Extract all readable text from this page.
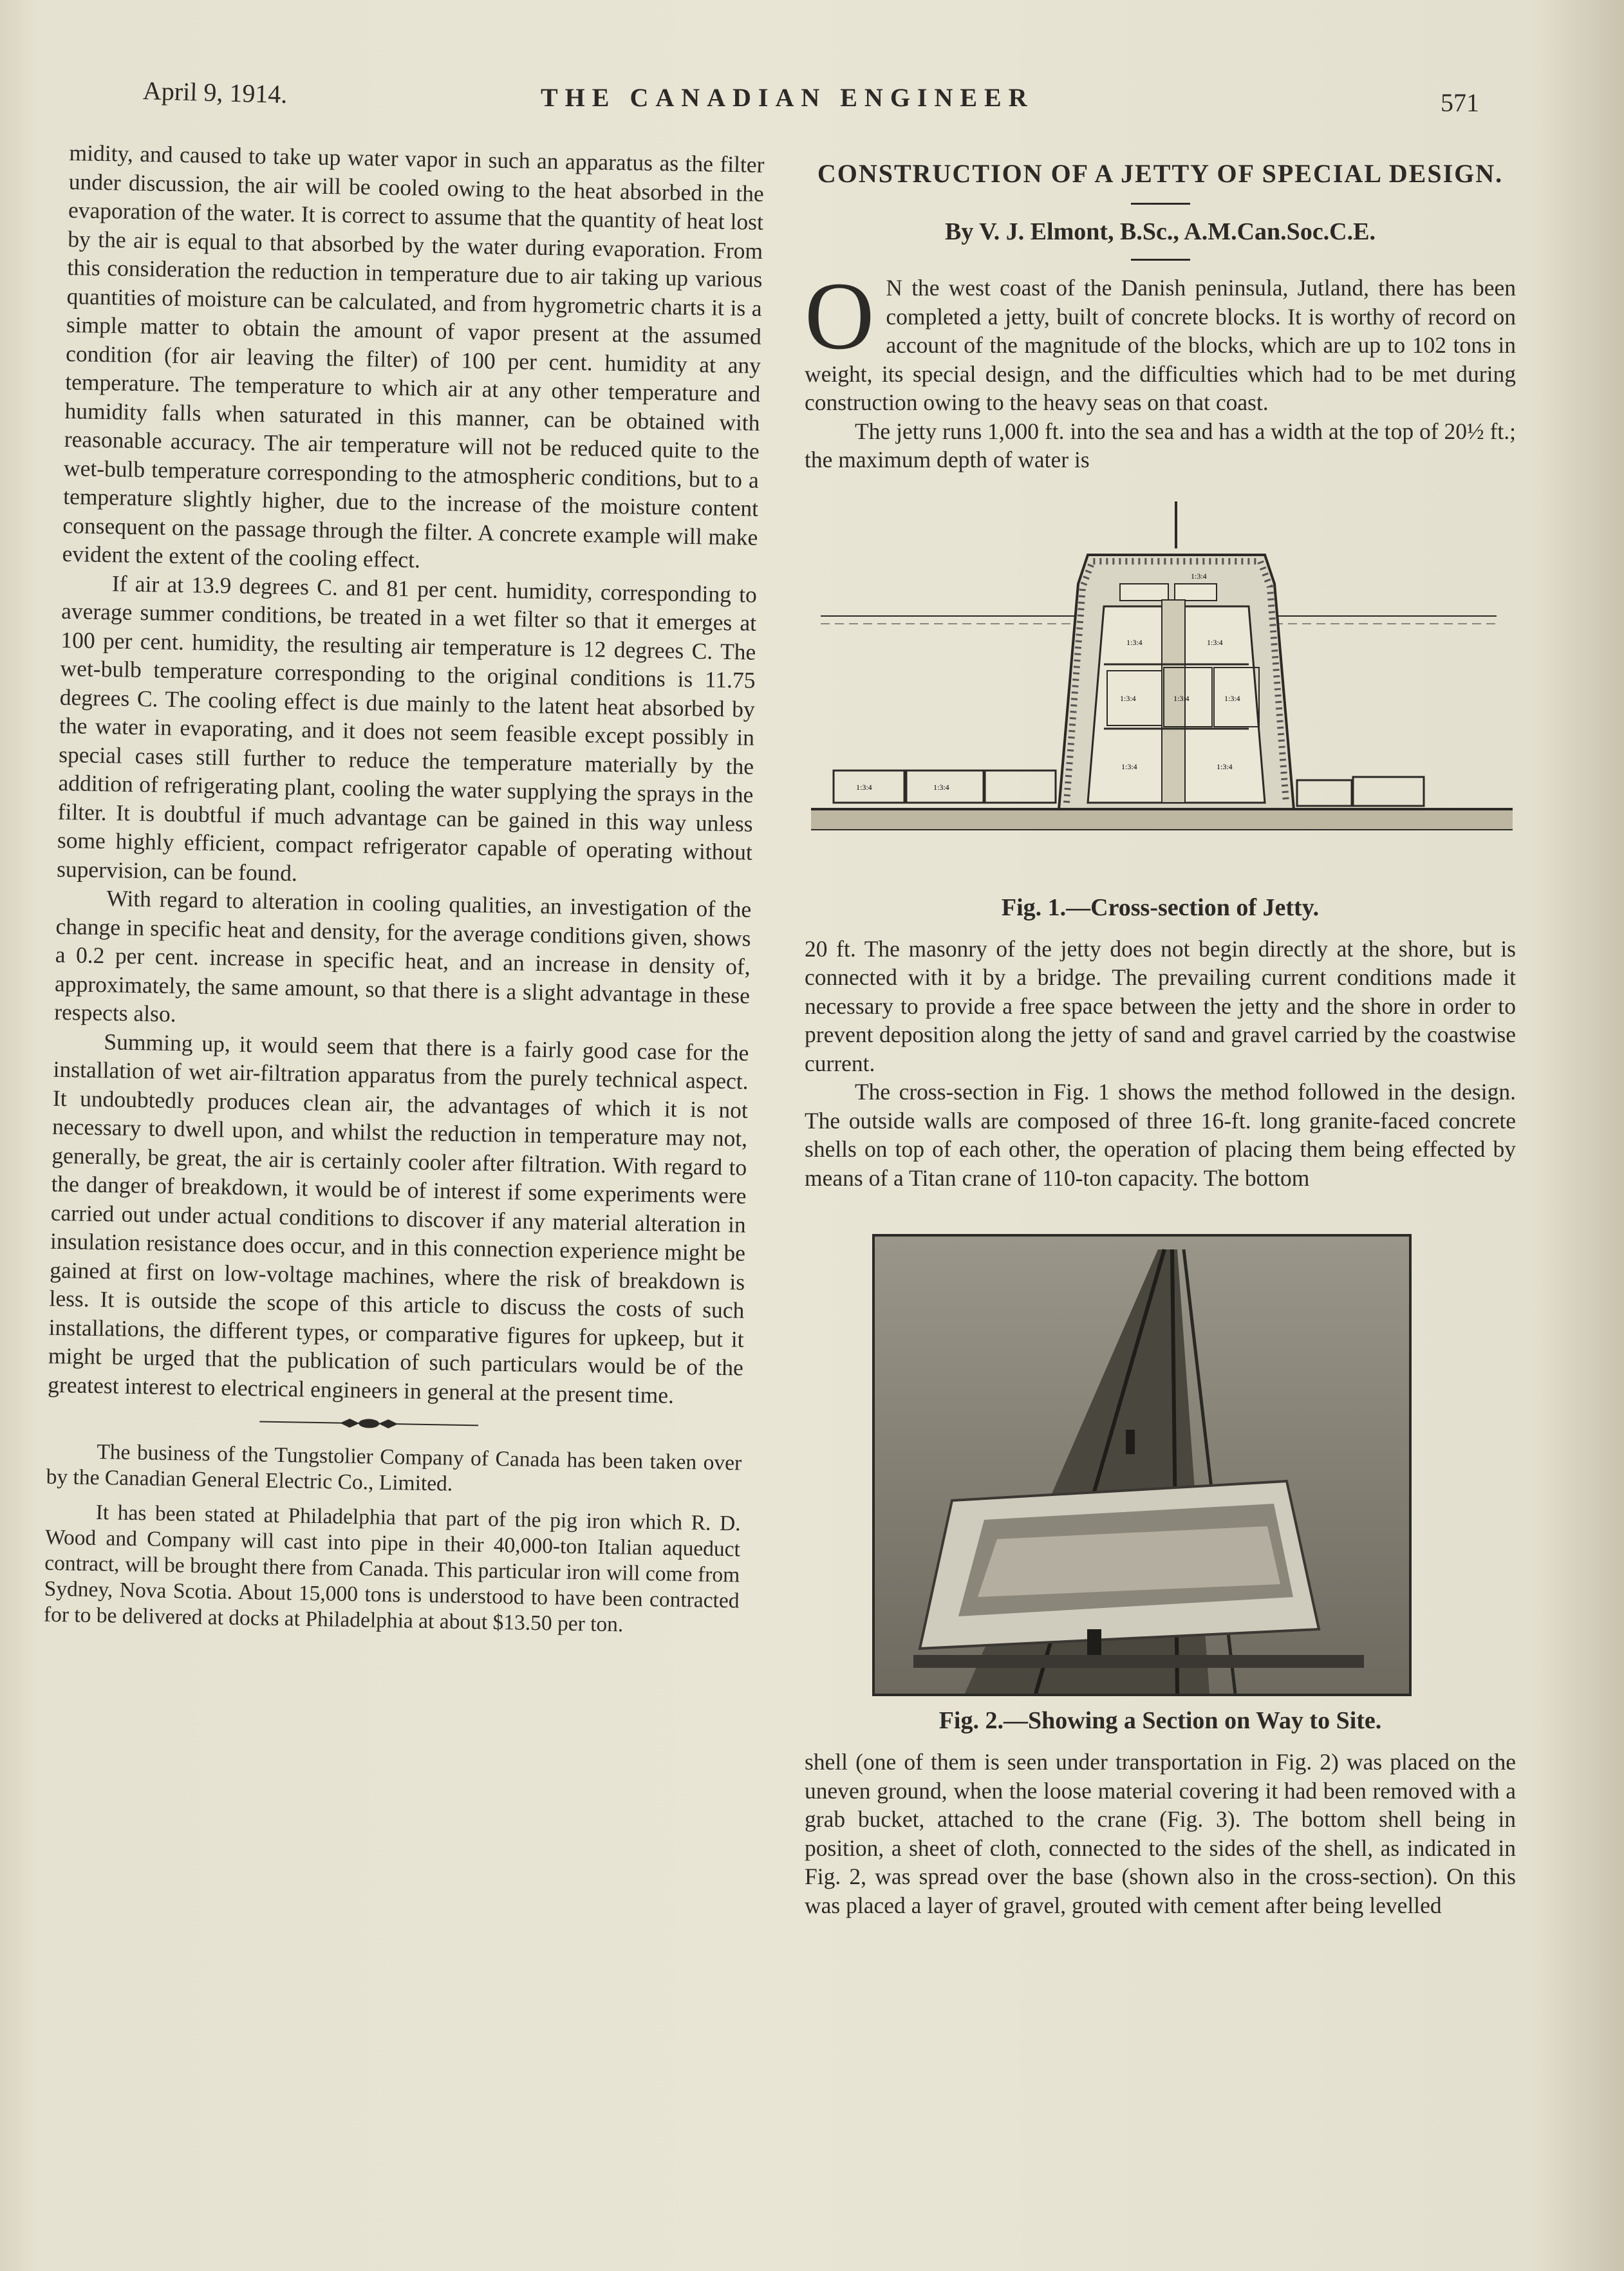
April 9, 1914.	THE CANADIAN ENGINEER	571

midity, and caused to take up water vapor in such an apparatus as the filter under discussion, the air will be cooled owing to the heat absorbed in the evaporation of the water. It is correct to assume that the quantity of heat lost by the air is equal to that absorbed by the water during evaporation. From this consideration the reduction in temperature due to air taking up various quantities of moisture can be calculated, and from hygrometric charts it is a simple matter to obtain the amount of vapor present at the assumed condition (for air leaving the filter) of 100 per cent. humidity at any temperature. The temperature to which air at any other temperature and humidity falls when saturated in this manner, can be obtained with reasonable accuracy. The air temperature will not be reduced quite to the wet-bulb temperature corresponding to the atmospheric conditions, but to a temperature slightly higher, due to the increase of the moisture content consequent on the passage through the filter. A concrete example will make evident the extent of the cooling effect.

If air at 13.9 degrees C. and 81 per cent. humidity, corresponding to average summer conditions, be treated in a wet filter so that it emerges at 100 per cent. humidity, the resulting air temperature is 12 degrees C. The wet-bulb temperature corresponding to the original conditions is 11.75 degrees C. The cooling effect is due mainly to the latent heat absorbed by the water in evaporating, and it does not seem feasible except possibly in special cases still further to reduce the temperature materially by the addition of refrigerating plant, cooling the water supplying the sprays in the filter. It is doubtful if much advantage can be gained in this way unless some highly efficient, compact refrigerator capable of operating without supervision, can be found.

With regard to alteration in cooling qualities, an investigation of the change in specific heat and density, for the average conditions given, shows a 0.2 per cent. increase in specific heat, and an increase in density of, approximately, the same amount, so that there is a slight advantage in these respects also.

Summing up, it would seem that there is a fairly good case for the installation of wet air-filtration apparatus from the purely technical aspect. It undoubtedly produces clean air, the advantages of which it is not necessary to dwell upon, and whilst the reduction in temperature may not, generally, be great, the air is certainly cooler after filtration. With regard to the danger of breakdown, it would be of interest if some experiments were carried out under actual conditions to discover if any material alteration in insulation resistance does occur, and in this connection experience might be gained at first on low-voltage machines, where the risk of breakdown is less. It is outside the scope of this article to discuss the costs of such installations, the different types, or comparative figures for upkeep, but it might be urged that the publication of such particulars would be of the greatest interest to electrical engineers in general at the present time.

The business of the Tungstolier Company of Canada has been taken over by the Canadian General Electric Co., Limited.

It has been stated at Philadelphia that part of the pig iron which R. D. Wood and Company will cast into pipe in their 40,000-ton Italian aqueduct contract, will be brought there from Canada. This particular iron will come from Sydney, Nova Scotia. About 15,000 tons is understood to have been contracted for to be delivered at docks at Philadelphia at about $13.50 per ton.

CONSTRUCTION OF A JETTY OF SPECIAL DESIGN.
By V. J. Elmont, B.Sc., A.M.Can.Soc.C.E.
O N the west coast of the Danish peninsula, Jutland, there has been completed a jetty, built of concrete blocks. It is worthy of record on account of the magnitude of the blocks, which are up to 102 tons in weight, its special design, and the difficulties which had to be met during construction owing to the heavy seas on that coast.

The jetty runs 1,000 ft. into the sea and has a width at the top of 20½ ft.; the maximum depth of water is

1:3:4	1:3:4
1:3:4	1:3:4	1:3:4
1:3:4	1:3:4
1:3:4	1:3:4
1:3:4
Fig. 1.—Cross-section of Jetty.

20 ft. The masonry of the jetty does not begin directly at the shore, but is connected with it by a bridge. The prevailing current conditions made it necessary to provide a free space between the jetty and the shore in order to prevent deposition along the jetty of sand and gravel carried by the coastwise current.

The cross-section in Fig. 1 shows the method followed in the design. The outside walls are composed of three 16-ft. long granite-faced concrete shells on top of each other, the operation of placing them being effected by means of a Titan crane of 110-ton capacity. The bottom

Fig. 2.—Showing a Section on Way to Site.

shell (one of them is seen under transportation in Fig. 2) was placed on the uneven ground, when the loose material covering it had been removed with a grab bucket, attached to the crane (Fig. 3). The bottom shell being in position, a sheet of cloth, connected to the sides of the shell, as indicated in Fig. 2, was spread over the base (shown also in the cross-section). On this was placed a layer of gravel, grouted with cement after being levelled
